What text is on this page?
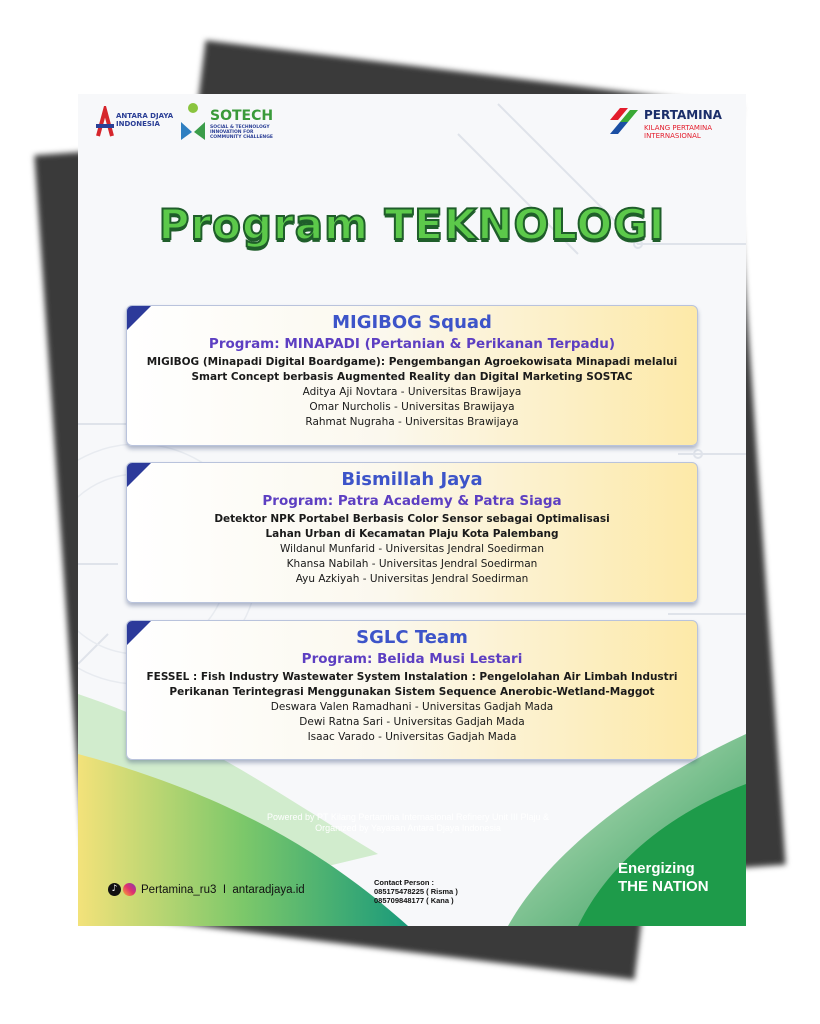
ANTARA DJAYA INDONESIA	SOTECH
SOCIAL & TECHNOLOGY INNOVATION FOR COMMUNITY CHALLENGE
PERTAMINA
KILANG PERTAMINA
INTERNASIONAL
Program TEKNOLOGI
MIGIBOG Squad
Program: MINAPADI (Pertanian & Perikanan Terpadu)
MIGIBOG (Minapadi Digital Boardgame): Pengembangan Agroekowisata Minapadi melalui
Smart Concept berbasis Augmented Reality dan Digital Marketing SOSTAC
Aditya Aji Novtara - Universitas Brawijaya
Omar Nurcholis - Universitas Brawijaya
Rahmat Nugraha - Universitas Brawijaya
Bismillah Jaya
Program: Patra Academy & Patra Siaga
Detektor NPK Portabel Berbasis Color Sensor sebagai Optimalisasi
Lahan Urban di Kecamatan Plaju Kota Palembang
Wildanul Munfarid - Universitas Jendral Soedirman
Khansa Nabilah - Universitas Jendral Soedirman
Ayu Azkiyah - Universitas Jendral Soedirman
SGLC Team
Program: Belida Musi Lestari
FESSEL : Fish Industry Wastewater System Instalation : Pengelolahan Air Limbah Industri
Perikanan Terintegrasi Menggunakan Sistem Sequence Anerobic-Wetland-Maggot
Deswara Valen Ramadhani - Universitas Gadjah Mada
Dewi Ratna Sari - Universitas Gadjah Mada
Isaac Varado - Universitas Gadjah Mada
Powered by PT Kilang Pertamina Internasional Refinery Unit III Plaju &
Organized by Yayasan Antara Djaya Indonesia
♪	Pertamina_ru3  I  antaradjaya.id
Contact Person :
085175478225 ( Risma )
085709848177 ( Kana )
Energizing
THE NATION
